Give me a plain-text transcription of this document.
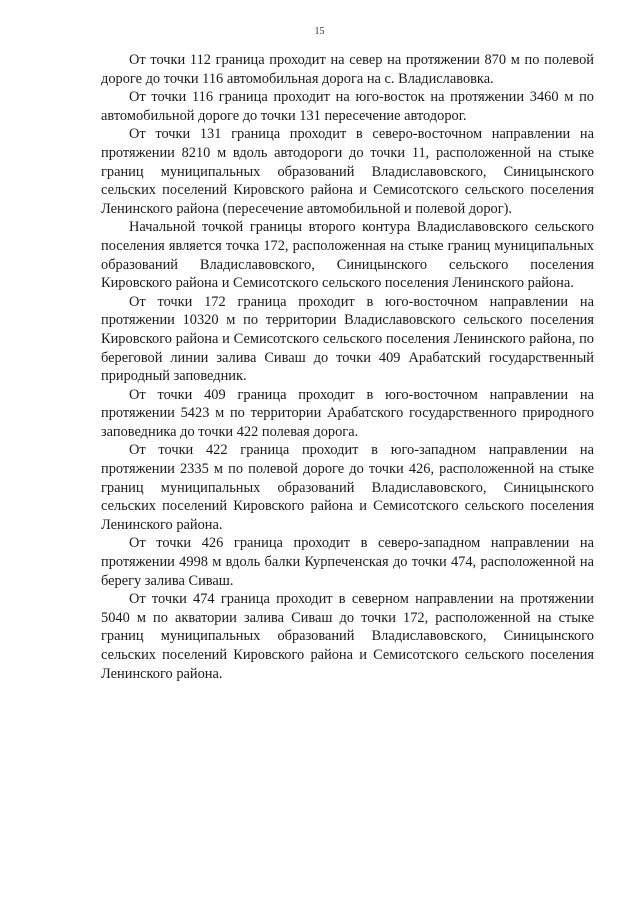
15

От точки 112 граница проходит на север на протяжении 870 м по полевой дороге до точки 116 автомобильная дорога на с. Владиславовка.

От точки 116 граница проходит на юго-восток на протяжении 3460 м по автомобильной дороге до точки 131 пересечение автодорог.

От точки 131 граница проходит в северо-восточном направлении на протяжении 8210 м вдоль автодороги до точки 11, расположенной на стыке границ муниципальных образований Владиславовского, Синицынского сельских поселений Кировского района и Семисотского сельского поселения Ленинского района (пересечение автомобильной и полевой дорог).

Начальной точкой границы второго контура Владиславовского сельского поселения является точка 172, расположенная на стыке границ муниципальных образований Владиславовского, Синицынского сельского поселения Кировского района и Семисотского сельского поселения Ленинского района.

От точки 172 граница проходит в юго-восточном направлении на протяжении 10320 м по территории Владиславовского сельского поселения Кировского района и Семисотского сельского поселения Ленинского района, по береговой линии залива Сиваш до точки 409 Арабатский государственный природный заповедник.

От точки 409 граница проходит в юго-восточном направлении на протяжении 5423 м по территории Арабатского государственного природного заповедника до точки 422 полевая дорога.

От точки 422 граница проходит в юго-западном направлении на протяжении 2335 м по полевой дороге до точки 426, расположенной на стыке границ муниципальных образований Владиславовского, Синицынского сельских поселений Кировского района и Семисотского сельского поселения Ленинского района.

От точки 426 граница проходит в северо-западном направлении на протяжении 4998 м вдоль балки Курпеченская до точки 474, расположенной на берегу залива Сиваш.

От точки 474 граница проходит в северном направлении на протяжении 5040 м по акватории залива Сиваш до точки 172, расположенной на стыке границ муниципальных образований Владиславовского, Синицынского сельских поселений Кировского района и Семисотского сельского поселения Ленинского района.
